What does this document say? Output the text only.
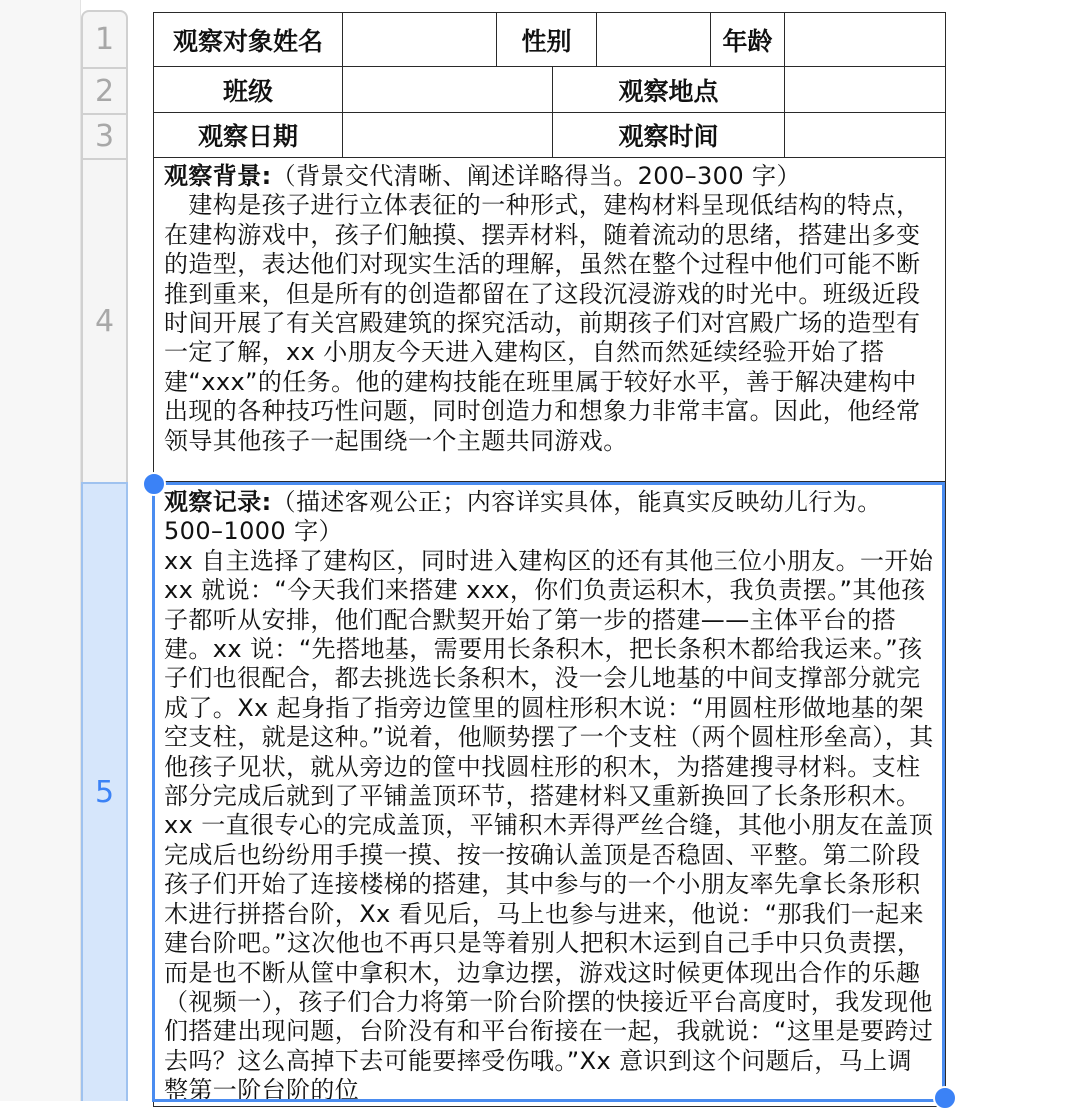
1
2
3
4
5
观察对象姓名		性别			年龄	
班级			观察地点			
观察日期			观察时间			

观察背景:（背景交代清晰、阐述详略得当。200–300 字）

　建构是孩子进行立体表征的一种形式，建构材料呈现低结构的特点，在建构游戏中，孩子们触摸、摆弄材料，随着流动的思绪，搭建出多变的造型，表达他们对现实生活的理解，虽然在整个过程中他们可能不断推到重来，但是所有的创造都留在了这段沉浸游戏的时光中。班级近段时间开展了有关宫殿建筑的探究活动，前期孩子们对宫殿广场的造型有一定了解，xx 小朋友今天进入建构区，自然而然延续经验开始了搭建“xxx”的任务。他的建构技能在班里属于较好水平，善于解决建构中出现的各种技巧性问题，同时创造力和想象力非常丰富。因此，他经常领导其他孩子一起围绕一个主题共同游戏。						

观察记录:（描述客观公正；内容详实具体，能真实反映幼儿行为。500–1000 字）

xx 自主选择了建构区，同时进入建构区的还有其他三位小朋友。一开始 xx 就说：“今天我们来搭建 xxx，你们负责运积木，我负责摆。”其他孩子都听从安排，他们配合默契开始了第一步的搭建——主体平台的搭建。xx 说：“先搭地基，需要用长条积木，把长条积木都给我运来。”孩子们也很配合，都去挑选长条积木，没一会儿地基的中间支撑部分就完成了。Xx 起身指了指旁边筐里的圆柱形积木说：“用圆柱形做地基的架空支柱，就是这种。”说着，他顺势摆了一个支柱（两个圆柱形垒高），其他孩子见状，就从旁边的筐中找圆柱形的积木，为搭建搜寻材料。支柱部分完成后就到了平铺盖顶环节，搭建材料又重新换回了长条形积木。xx 一直很专心的完成盖顶，平铺积木弄得严丝合缝，其他小朋友在盖顶完成后也纷纷用手摸一摸、按一按确认盖顶是否稳固、平整。第二阶段孩子们开始了连接楼梯的搭建，其中参与的一个小朋友率先拿长条形积木进行拼搭台阶，Xx 看见后，马上也参与进来，他说：“那我们一起来建台阶吧。”这次他也不再只是等着别人把积木运到自己手中只负责摆，而是也不断从筐中拿积木，边拿边摆，游戏这时候更体现出合作的乐趣（视频一），孩子们合力将第一阶台阶摆的快接近平台高度时，我发现他们搭建出现问题，台阶没有和平台衔接在一起，我就说：“这里是要跨过去吗？这么高掉下去可能要摔受伤哦。”Xx 意识到这个问题后，马上调整第一阶台阶的位						
